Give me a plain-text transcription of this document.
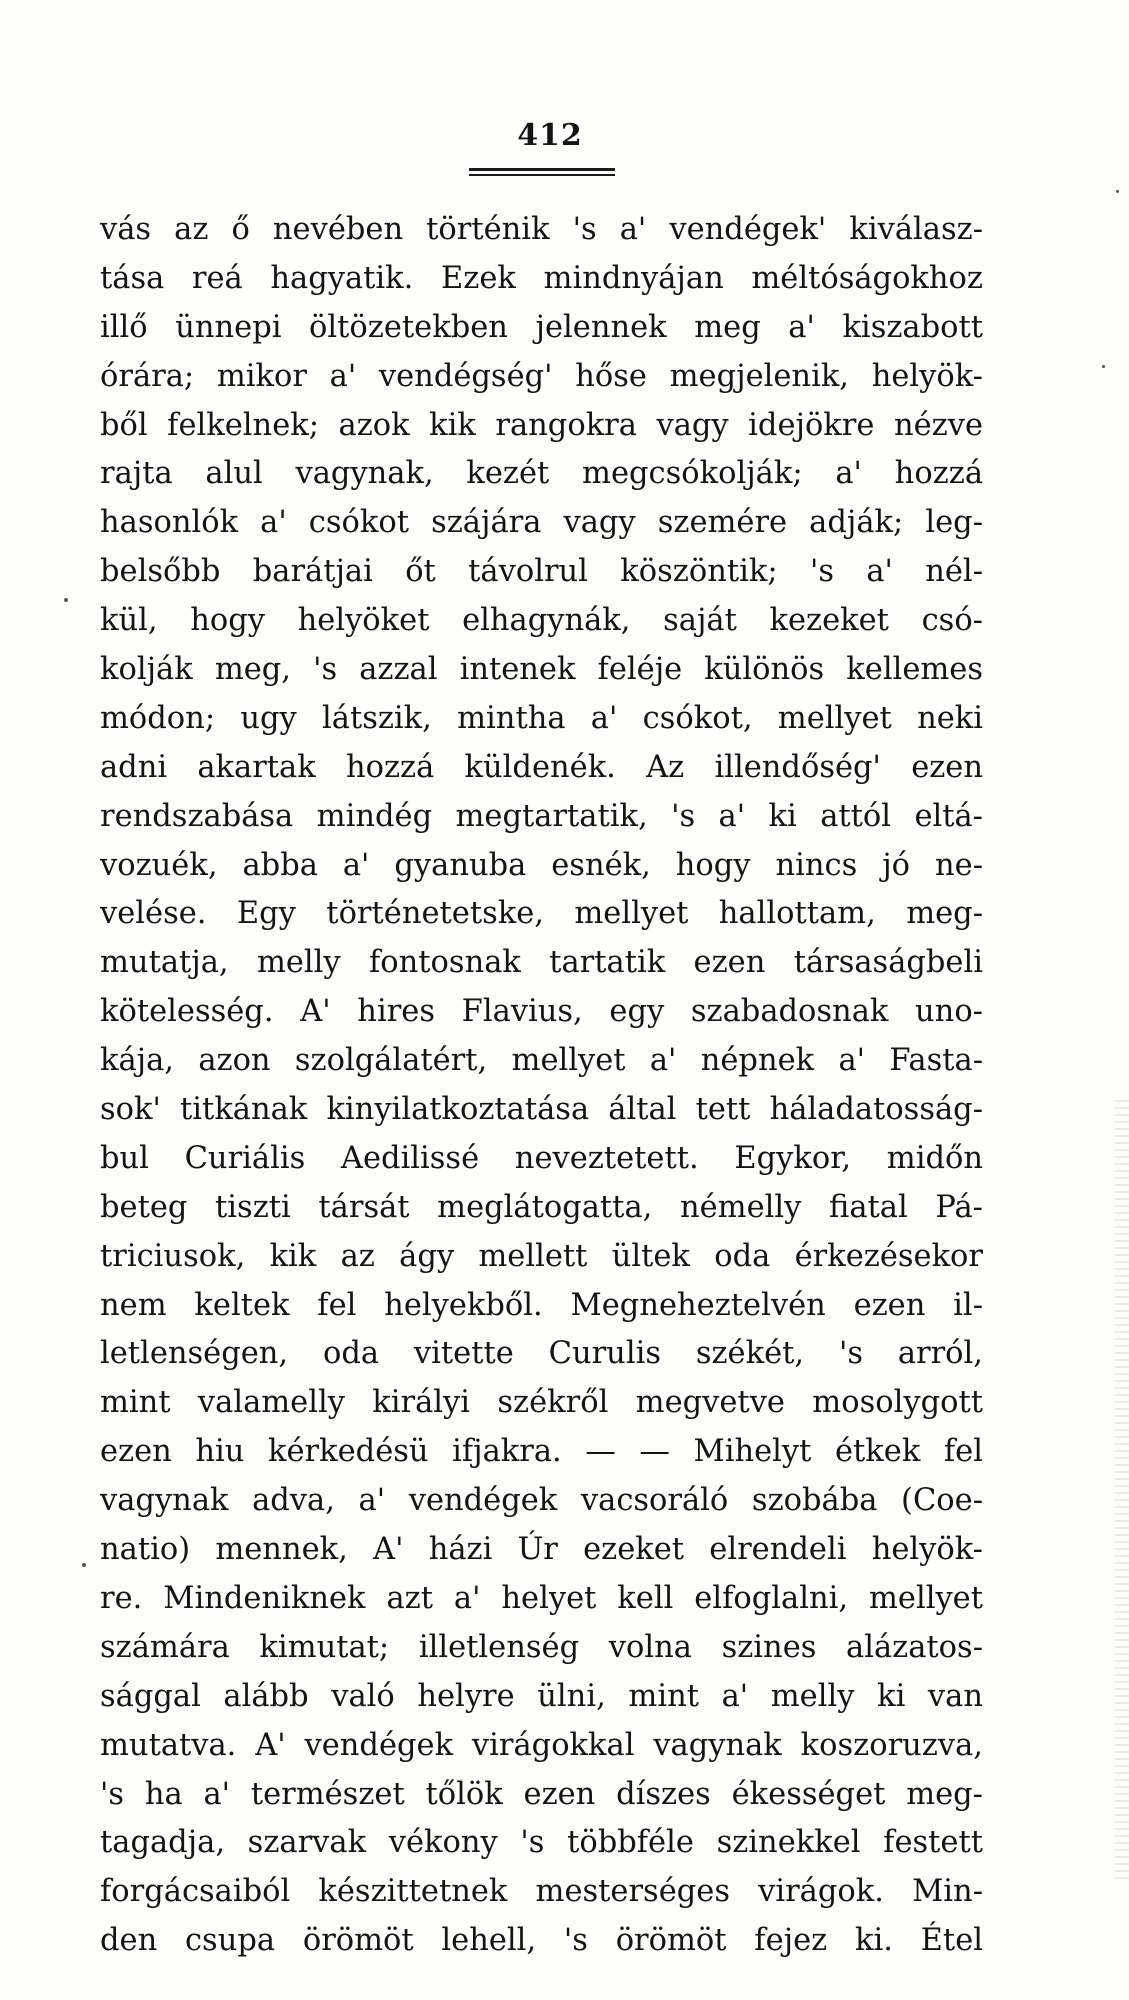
412
vás az ő nevében történik 's a' vendégek' kiválasz-
tása reá hagyatik. Ezek mindnyájan méltóságokhoz
illő ünnepi öltözetekben jelennek meg a' kiszabott
órára; mikor a' vendégség' hőse megjelenik, helyök-
ből felkelnek; azok kik rangokra vagy idejökre nézve
rajta alul vagynak, kezét megcsókolják; a' hozzá
hasonlók a' csókot szájára vagy szemére adják; leg-
belsőbb barátjai őt távolrul köszöntik; 's a' nél-
kül, hogy helyöket elhagynák, saját kezeket csó-
kolják meg, 's azzal intenek feléje különös kellemes
módon; ugy látszik, mintha a' csókot, mellyet neki
adni akartak hozzá küldenék. Az illendőség' ezen
rendszabása mindég megtartatik, 's a' ki attól eltá-
vozuék, abba a' gyanuba esnék, hogy nincs jó ne-
velése. Egy történetetske, mellyet hallottam, meg-
mutatja, melly fontosnak tartatik ezen társaságbeli
kötelesség. A' hires Flavius, egy szabadosnak uno-
kája, azon szolgálatért, mellyet a' népnek a' Fasta-
sok' titkának kinyilatkoztatása által tett háladatosság-
bul Curiális Aedilissé neveztetett. Egykor, midőn
beteg tiszti társát meglátogatta, némelly fiatal Pá-
triciusok, kik az ágy mellett ültek oda érkezésekor
nem keltek fel helyekből. Megneheztelvén ezen il-
letlenségen, oda vitette Curulis székét, 's arról,
mint valamelly királyi székről megvetve mosolygott
ezen hiu kérkedésü ifjakra. — — Mihelyt étkek fel
vagynak adva, a' vendégek vacsoráló szobába (Coe-
natio) mennek, A' házi Úr ezeket elrendeli helyök-
re. Mindeniknek azt a' helyet kell elfoglalni, mellyet
számára kimutat; illetlenség volna szines alázatos-
sággal alább való helyre ülni, mint a' melly ki van
mutatva. A' vendégek virágokkal vagynak koszoruzva,
's ha a' természet tőlök ezen díszes ékességet meg-
tagadja, szarvak vékony 's többféle szinekkel festett
forgácsaiból készittetnek mesterséges virágok. Min-
den csupa örömöt lehell, 's örömöt fejez ki. Étel
